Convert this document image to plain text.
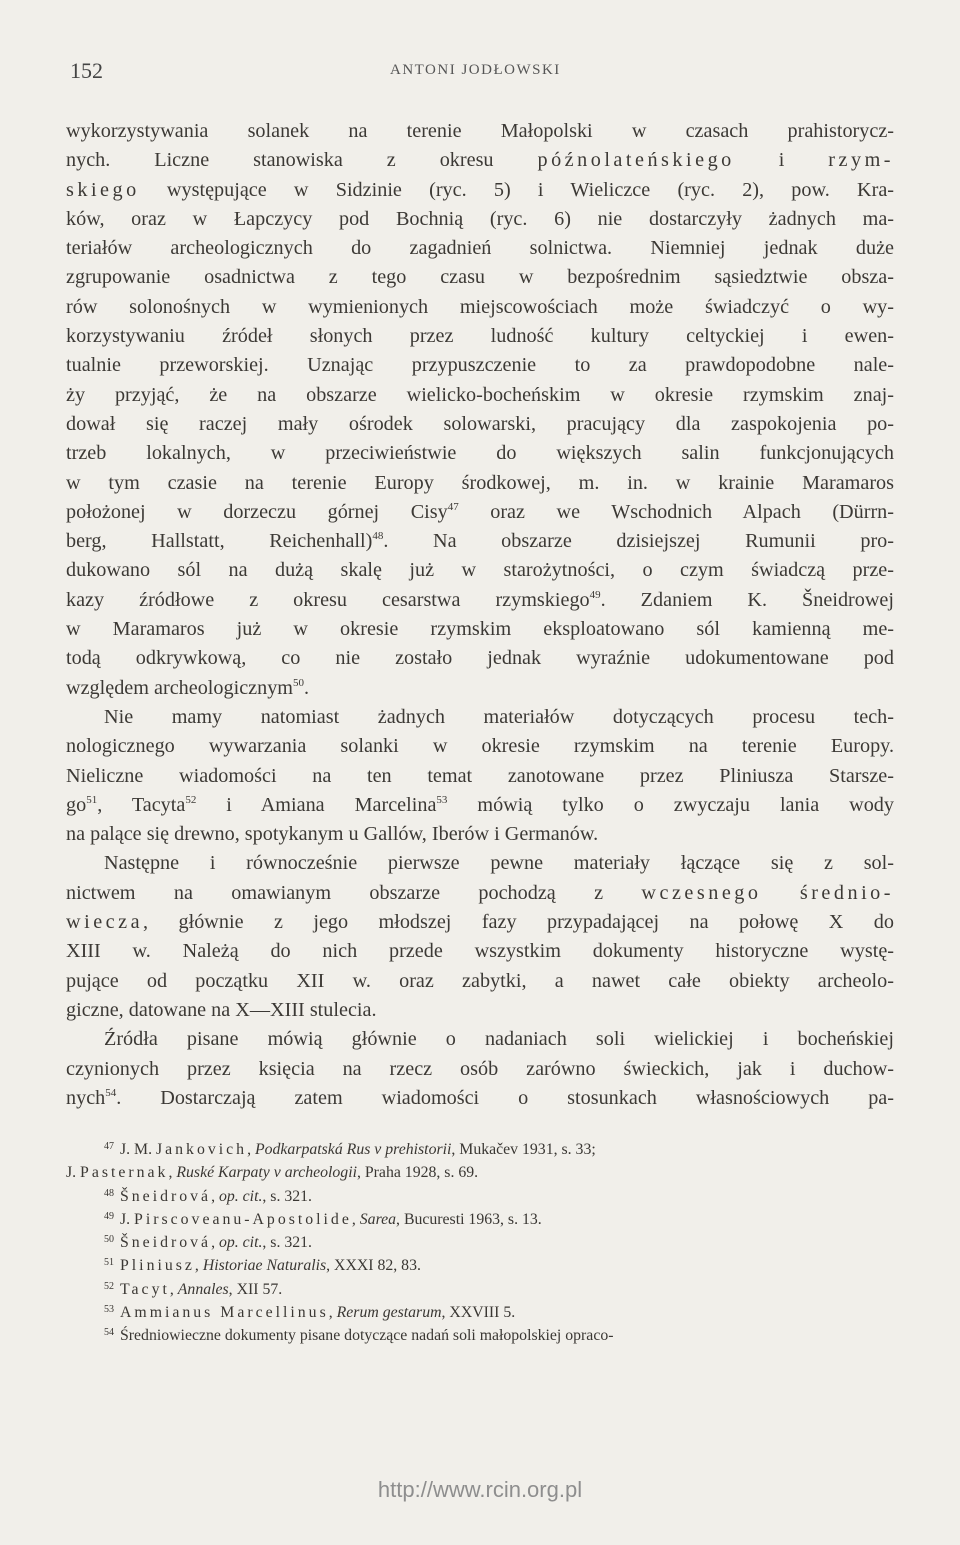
152	ANTONI JODŁOWSKI
wykorzystywania solanek na terenie Małopolski w czasach prahistorycz-
nych. Liczne stanowiska z okresu późnolateńskiego i rzym-
skiego występujące w Sidzinie (ryc. 5) i Wieliczce (ryc. 2), pow. Kra-
ków, oraz w Łapczycy pod Bochnią (ryc. 6) nie dostarczyły żadnych ma-
teriałów archeologicznych do zagadnień solnictwa. Niemniej jednak duże
zgrupowanie osadnictwa z tego czasu w bezpośrednim sąsiedztwie obsza-
rów solonośnych w wymienionych miejscowościach może świadczyć o wy-
korzystywaniu źródeł słonych przez ludność kultury celtyckiej i ewen-
tualnie przeworskiej. Uznając przypuszczenie to za prawdopodobne nale-
ży przyjąć, że na obszarze wielicko-bocheńskim w okresie rzymskim znaj-
dował się raczej mały ośrodek solowarski, pracujący dla zaspokojenia po-
trzeb lokalnych, w przeciwieństwie do większych salin funkcjonujących
w tym czasie na terenie Europy środkowej, m. in. w krainie Maramaros
położonej w dorzeczu górnej Cisy$^{47}$ oraz we Wschodnich Alpach (Dürrn-
berg, Hallstatt, Reichenhall)$^{48}$. Na obszarze dzisiejszej Rumunii pro-
dukowano sól na dużą skalę już w starożytności, o czym świadczą prze-
kazy źródłowe z okresu cesarstwa rzymskiego$^{49}$. Zdaniem K. Šneidrowej
w Maramaros już w okresie rzymskim eksploatowano sól kamienną me-
todą odkrywkową, co nie zostało jednak wyraźnie udokumentowane pod
względem archeologicznym$^{50}$.
Nie mamy natomiast żadnych materiałów dotyczących procesu tech-
nologicznego wywarzania solanki w okresie rzymskim na terenie Europy.
Nieliczne wiadomości na ten temat zanotowane przez Pliniusza Starsze-
$go^{51}$, Tacyta$^{52}$ i Amiana Marcelina$^{53}$ mówią tylko o zwyczaju lania wody
na palące się drewno, spotykanym u Gallów, Iberów i Germanów.
Następne i równocześnie pierwsze pewne materiały łączące się z sol-
nictwem na omawianym obszarze pochodzą z wczesnego średnio-
wiecza, głównie z jego młodszej fazy przypadającej na połowę X do
XIII w. Należą do nich przede wszystkim dokumenty historyczne wystę-
pujące od początku XII w. oraz zabytki, a nawet całe obiekty archeolo-
giczne, datowane na X—XIII stulecia.
Źródła pisane mówią głównie o nadaniach soli wielickiej i bocheńskiej
czynionych przez księcia na rzecz osób zarówno świeckich, jak i duchow-
nych$^{54}$. Dostarczają zatem wiadomości o stosunkach własnościowych pa-
$^{47}$ J. M. Jankovich, Podkarpatská Rus v prehistorii, Mukačev 1931, s. 33;
J. Pasternak, Ruské Karpaty v archeologii, Praha 1928, s. 69.
$^{48}$ Šneidrová, op. cit., s. 321.
$^{49}$ J. Pirscoveanu-Apostolide, Sarea, Bucuresti 1963, s. 13.
$^{50}$ Šneidrová, op. cit., s. 321.
$^{51}$ Pliniusz, Historiae Naturalis, XXXI 82, 83.
$^{52}$ Tacyt, Annales, XII 57.
$^{53}$ Ammianus Marcellinus, Rerum gestarum, XXVIII 5.
$^{54}$ Średniowieczne dokumenty pisane dotyczące nadań soli małopolskiej opraco-
http://www.rcin.org.pl
